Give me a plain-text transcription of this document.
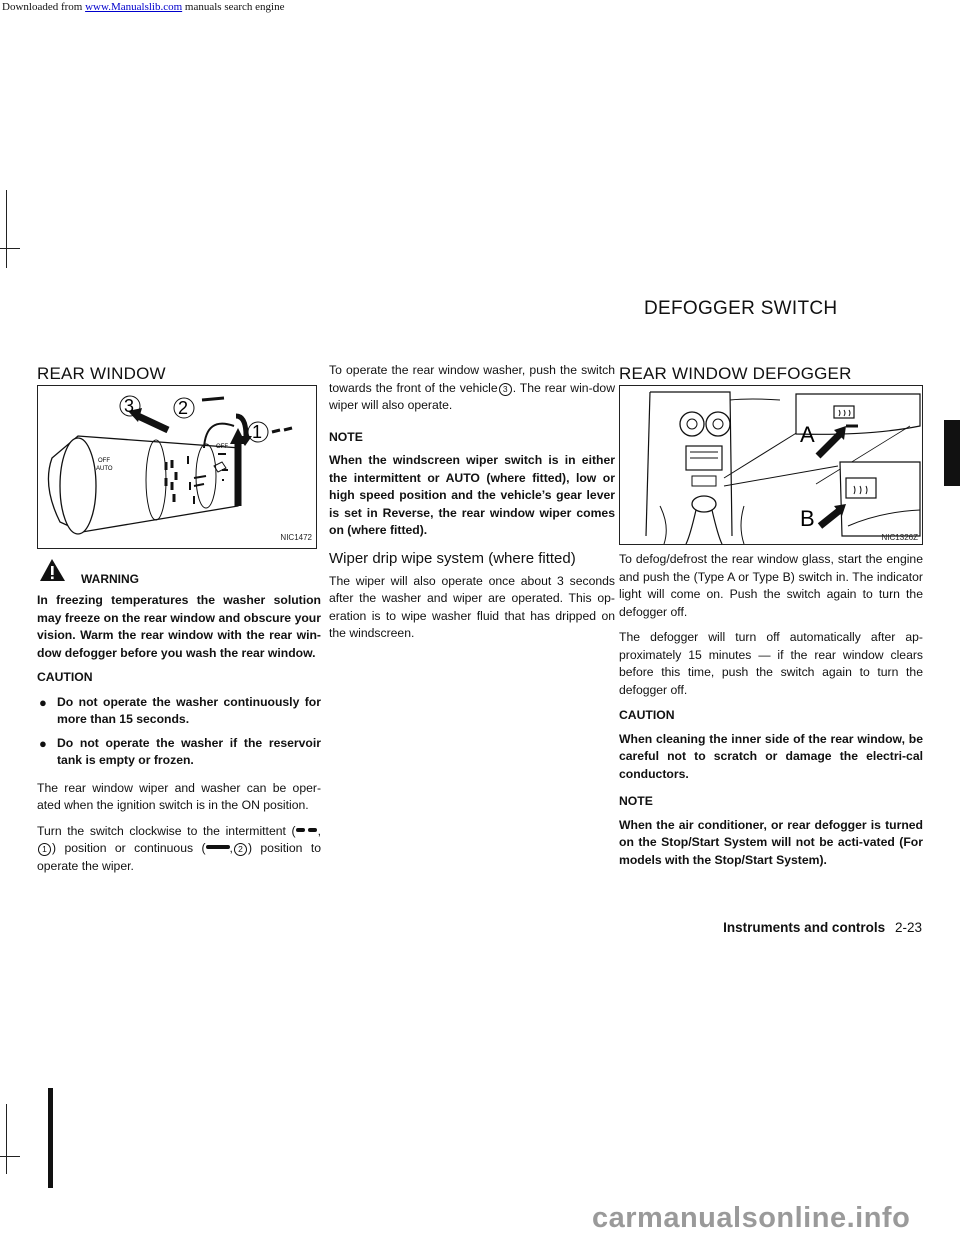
Downloaded from www.Manualslib.com manuals search engine
DEFOGGER SWITCH
REAR WINDOW
OFF
AUTO
OFF
3 2
1
NIC1472
WARNING

In freezing temperatures the washer solution may freeze on the rear window and obscure your vision. Warm the rear window with the rear win-dow defogger before you wash the rear window.

CAUTION

● Do not operate the washer continuously for more than 15 seconds.

● Do not operate the washer if the reservoir tank is empty or frozen.

The rear window wiper and washer can be oper-ated when the ignition switch is in the ON position.

Turn the switch clockwise to the intermittent ( , 1 ) position or continuous ( , 2 ) position to operate the wiper.

To operate the rear window washer, push the switch towards the front of the vehicle 3 . The rear win-dow wiper will also operate.

NOTE

When the windscreen wiper switch is in either the intermittent or AUTO (where fitted), low or high speed position and the vehicle’s gear lever is set in Reverse, the rear window wiper comes on (where fitted).

Wiper drip wipe system (where fitted)

The wiper will also operate once about 3 seconds after the washer and wiper are operated. This op-eration is to wipe washer fluid that has dripped on the windscreen.

REAR WINDOW DEFOGGER
A
B
NIC1326Z

To defog/defrost the rear window glass, start the engine and push the (Type A or Type B) switch in. The indicator light will come on. Push the switch again to turn the defogger off.

The defogger will turn off automatically after ap-proximately 15 minutes — if the rear window clears before this time, push the switch again to turn the defogger off.

CAUTION

When cleaning the inner side of the rear window, be careful not to scratch or damage the electri-cal conductors.

NOTE

When the air conditioner, or rear defogger is turned on the Stop/Start System will not be acti-vated (For models with the Stop/Start System).

Instruments and controls 2-23
carmanualsonline.info
